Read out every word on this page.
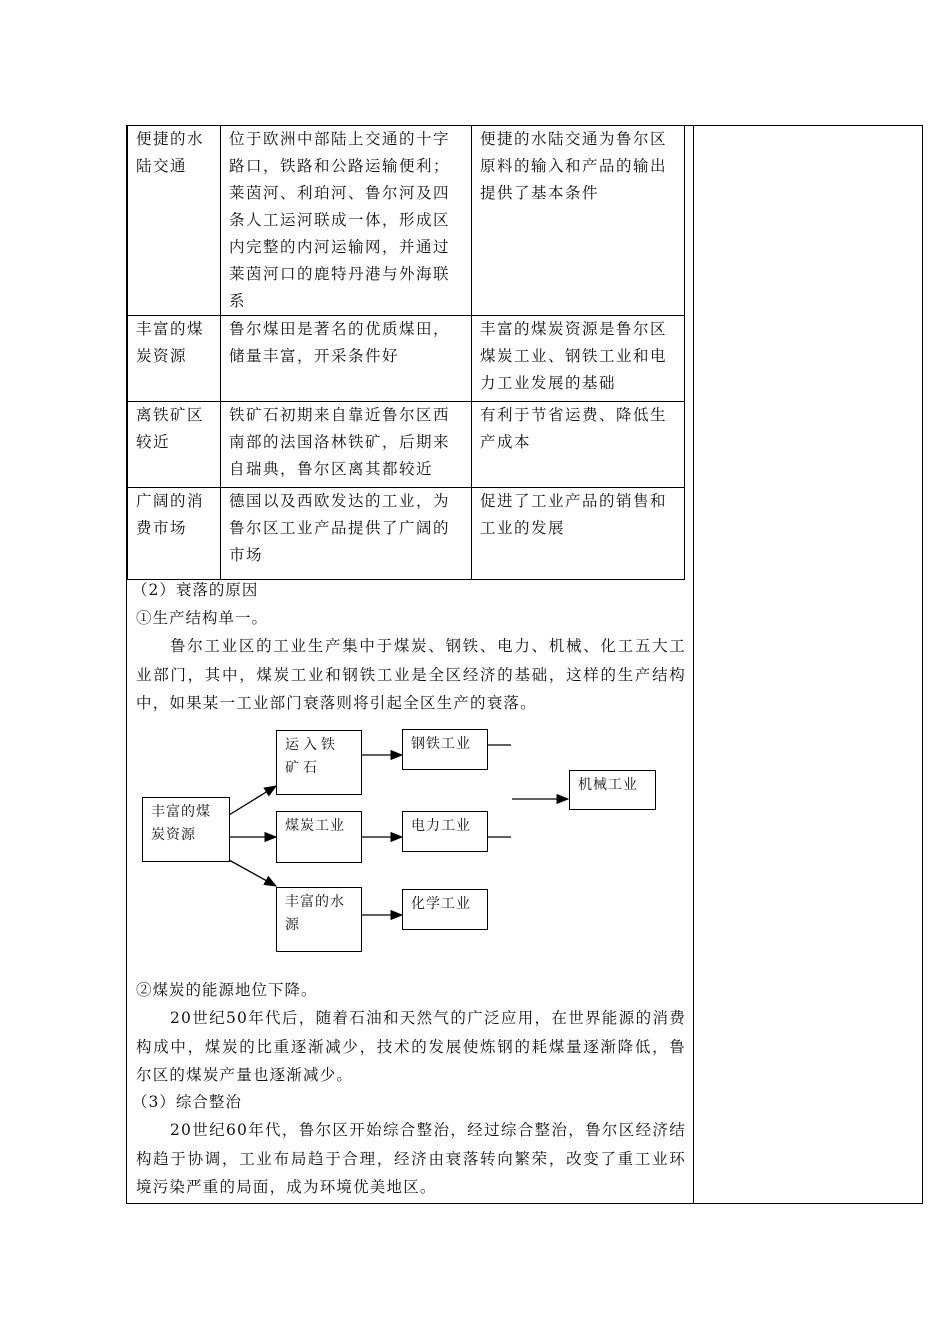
便捷的水陆交通	位于欧洲中部陆上交通的十字路口，铁路和公路运输便利；莱茵河、利珀河、鲁尔河及四条人工运河联成一体，形成区内完整的内河运输网，并通过莱茵河口的鹿特丹港与外海联系	便捷的水陆交通为鲁尔区原料的输入和产品的输出提供了基本条件
丰富的煤炭资源	鲁尔煤田是著名的优质煤田，储量丰富，开采条件好	丰富的煤炭资源是鲁尔区煤炭工业、钢铁工业和电力工业发展的基础
离铁矿区较近	铁矿石初期来自靠近鲁尔区西南部的法国洛林铁矿，后期来自瑞典，鲁尔区离其都较近	有利于节省运费、降低生产成本
广阔的消费市场	德国以及西欧发达的工业，为鲁尔区工业产品提供了广阔的市场	促进了工业产品的销售和工业的发展
（2）衰落的原因
①生产结构单一。
鲁尔工业区的工业生产集中于煤炭、钢铁、电力、机械、化工五大工业部门，其中，煤炭工业和钢铁工业是全区经济的基础，这样的生产结构中，如果某一工业部门衰落则将引起全区生产的衰落。
丰富的煤炭资源
运入铁矿石
煤炭工业
丰富的水源
钢铁工业
电力工业
化学工业
机械工业
②煤炭的能源地位下降。
20世纪50年代后，随着石油和天然气的广泛应用，在世界能源的消费构成中，煤炭的比重逐渐减少，技术的发展使炼钢的耗煤量逐渐降低，鲁尔区的煤炭产量也逐渐减少。
（3）综合整治
20世纪60年代，鲁尔区开始综合整治，经过综合整治，鲁尔区经济结构趋于协调，工业布局趋于合理，经济由衰落转向繁荣，改变了重工业环境污染严重的局面，成为环境优美地区。
